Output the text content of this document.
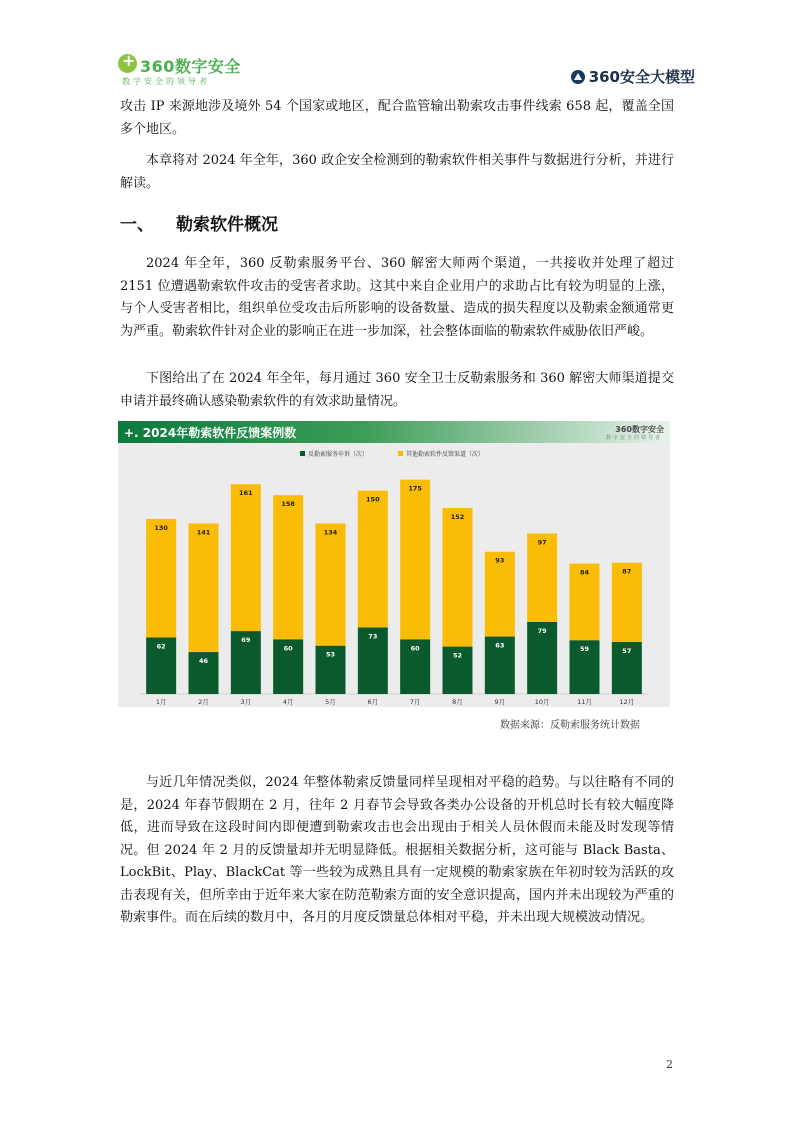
+
360数字安全
数字安全的领导者	360安全大模型

攻击 IP 来源地涉及境外 54 个国家或地区，配合监管输出勒索攻击事件线索 658 起，覆盖全国多个地区。

本章将对 2024 年全年，360 政企安全检测到的勒索软件相关事件与数据进行分析，并进行解读。

一、 勒索软件概况

2024 年全年，360 反勒索服务平台、360 解密大师两个渠道，一共接收并处理了超过 2151 位遭遇勒索软件攻击的受害者求助。这其中来自企业用户的求助占比有较为明显的上涨，与个人受害者相比，组织单位受攻击后所影响的设备数量、造成的损失程度以及勒索金额通常更为严重。勒索软件针对企业的影响正在进一步加深，社会整体面临的勒索软件威胁依旧严峻。

下图给出了在 2024 年全年，每月通过 360 安全卫士反勒索服务和 360 解密大师渠道提交申请并最终确认感染勒索软件的有效求助量情况。

+. 2024年勒索软件反馈案例数	360数字安全
数字安全的领导者
反勒索服务申诉（次）	其他勒索软件反馈渠道（次）
62
130
1月
46
141
2月
69
161
3月
60
158
4月
53
134
5月
73
150
6月
60
175
7月
52
152
8月
63
93
9月
79
97
10月
59
84
11月
57
87
12月
数据来源：反勒索服务统计数据

与近几年情况类似，2024 年整体勒索反馈量同样呈现相对平稳的趋势。与以往略有不同的是，2024 年春节假期在 2 月，往年 2 月春节会导致各类办公设备的开机总时长有较大幅度降低，进而导致在这段时间内即便遭到勒索攻击也会出现由于相关人员休假而未能及时发现等情况。但 2024 年 2 月的反馈量却并无明显降低。根据相关数据分析，这可能与 Black Basta、LockBit、Play、BlackCat 等一些较为成熟且具有一定规模的勒索家族在年初时较为活跃的攻击表现有关，但所幸由于近年来大家在防范勒索方面的安全意识提高，国内并未出现较为严重的勒索事件。而在后续的数月中，各月的月度反馈量总体相对平稳，并未出现大规模波动情况。

2
